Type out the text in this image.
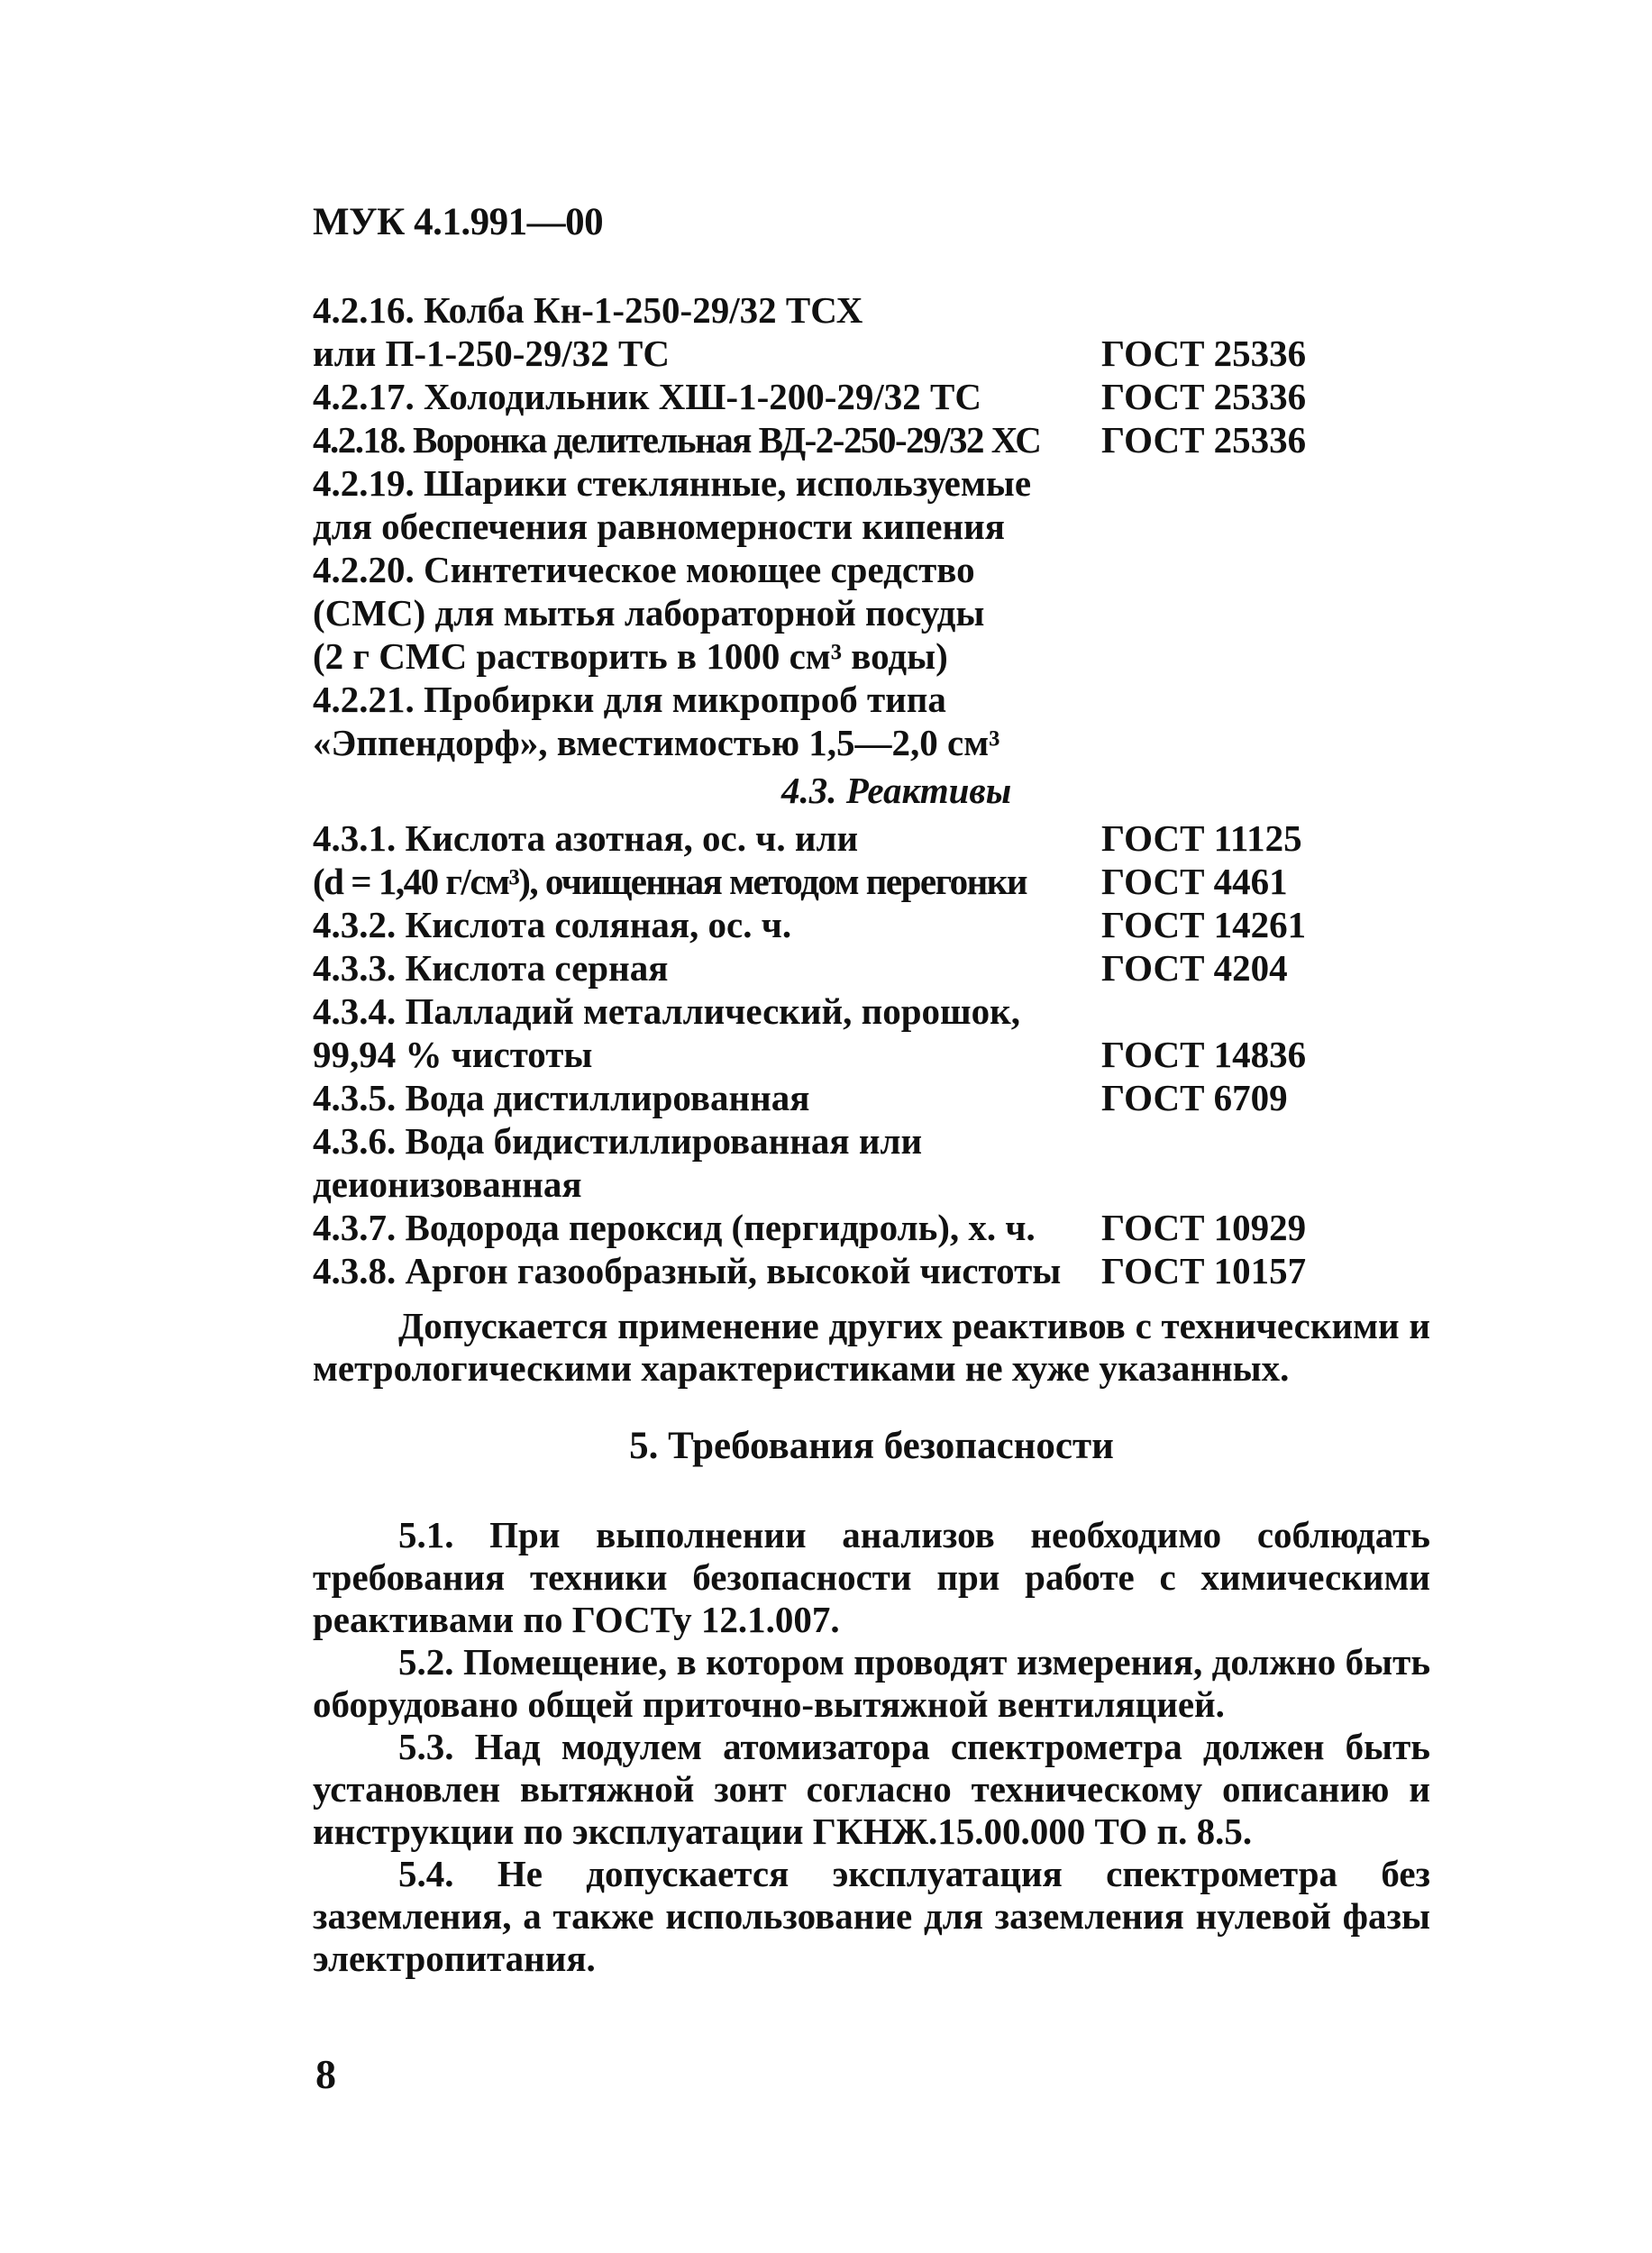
МУК 4.1.991—00
4.2.16. Колба Кн-1-250-29/32 ТСХ
или П-1-250-29/32 ТС	ГОСТ 25336
4.2.17. Холодильник ХШ-1-200-29/32 ТС	ГОСТ 25336
4.2.18. Воронка делительная ВД-2-250-29/32 ХС ГОСТ 25336
4.2.19. Шарики стеклянные, используемые
для обеспечения равномерности кипения
4.2.20. Синтетическое моющее средство
(СМС) для мытья лабораторной посуды
(2 г СМС растворить в 1000 см³ воды)
4.2.21. Пробирки для микропроб типа
«Эппендорф», вместимостью 1,5—2,0 см³
4.3. Реактивы
4.3.1. Кислота азотная, ос. ч. или	ГОСТ 11125
(d = 1,40 г/см³), очищенная методом перегонки ГОСТ 4461
4.3.2. Кислота соляная, ос. ч.	ГОСТ 14261
4.3.3. Кислота серная	ГОСТ 4204
4.3.4. Палладий металлический, порошок,
99,94 % чистоты	ГОСТ 14836
4.3.5. Вода дистиллированная	ГОСТ 6709
4.3.6. Вода бидистиллированная или
деионизованная
4.3.7. Водорода пероксид (пергидроль), х. ч. ГОСТ 10929
4.3.8. Аргон газообразный, высокой чистоты ГОСТ 10157

Допускается применение других реактивов с техническими и метрологическими характеристиками не хуже указанных.

5. Требования безопасности

5.1. При выполнении анализов необходимо соблюдать требования техники безопасности при работе с химическими реактивами по ГОСТу 12.1.007.

5.2. Помещение, в котором проводят измерения, должно быть оборудовано общей приточно-вытяжной вентиляцией.

5.3. Над модулем атомизатора спектрометра должен быть установлен вытяжной зонт согласно техническому описанию и инструкции по эксплуатации ГКНЖ.15.00.000 ТО п. 8.5.

5.4. Не допускается эксплуатация спектрометра без заземления, а также использование для заземления нулевой фазы электропитания.

8
